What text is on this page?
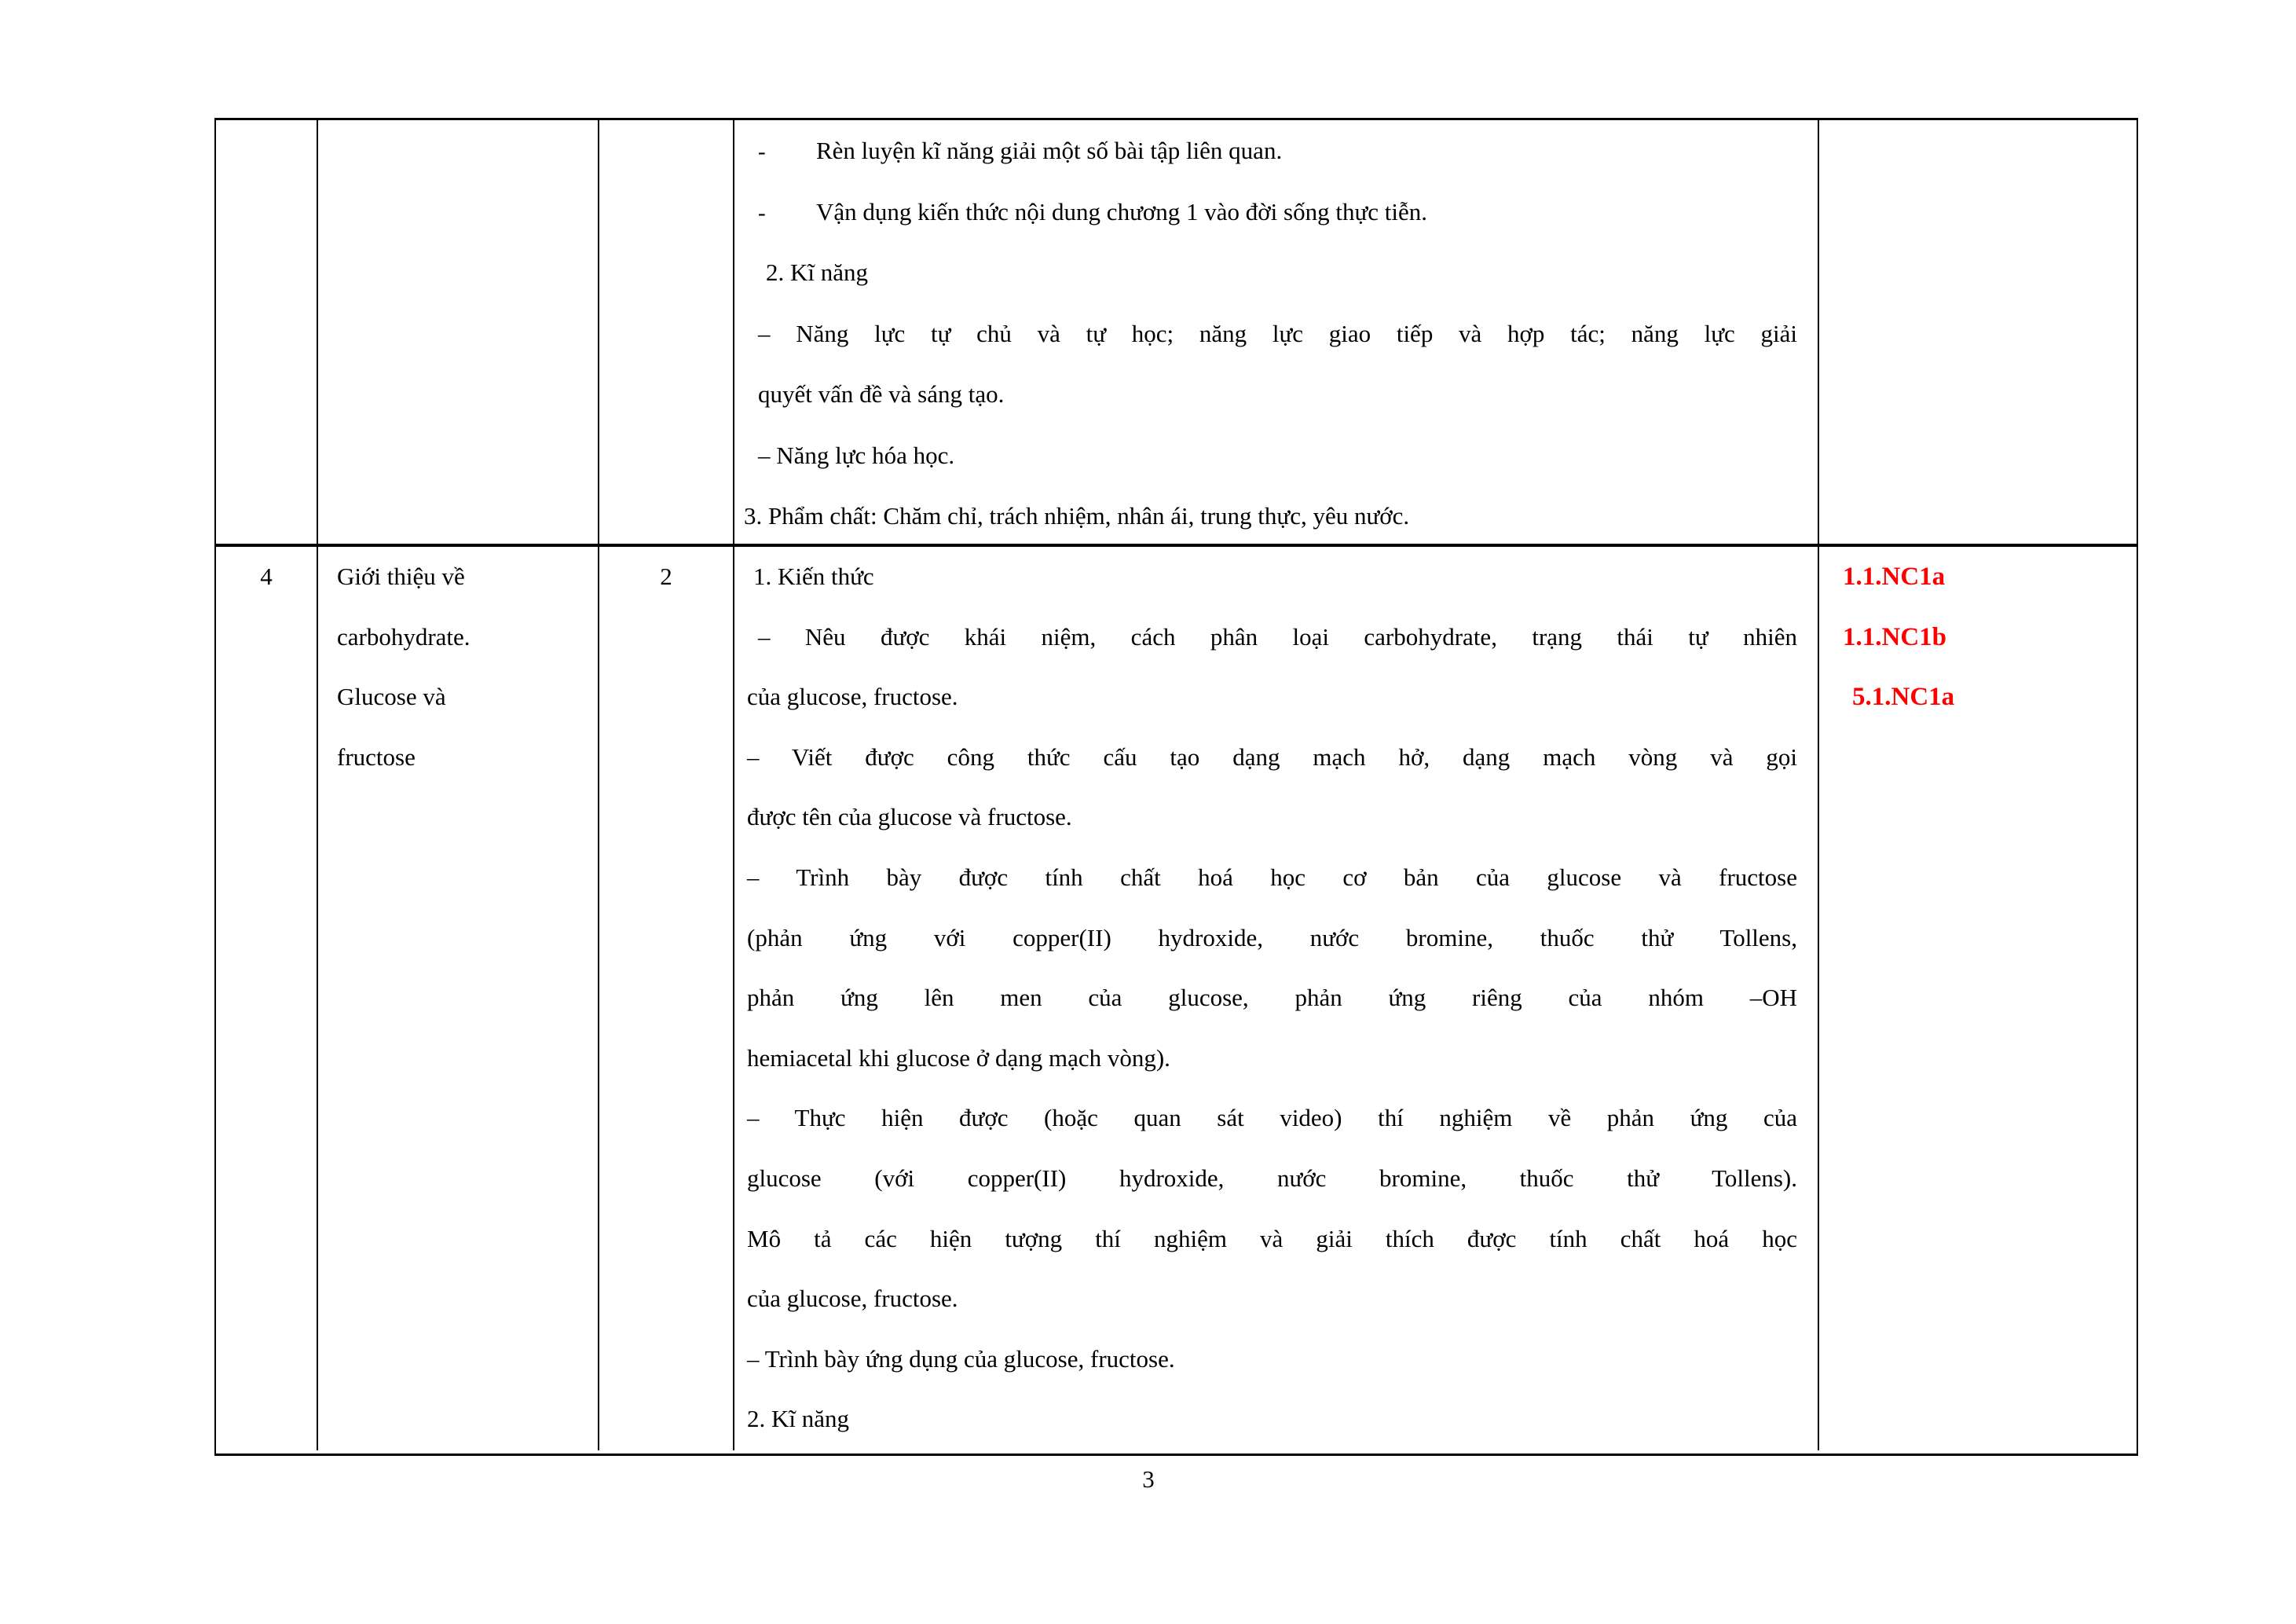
- Rèn luyện kĩ năng giải một số bài tập liên quan.
- Vận dụng kiến thức nội dung chương 1 vào đời sống thực tiễn.
2. Kĩ năng
– Năng lực tự chủ và tự học; năng lực giao tiếp và hợp tác; năng lực giải
quyết vấn đề và sáng tạo.
– Năng lực hóa học.
3. Phẩm chất: Chăm chỉ, trách nhiệm, nhân ái, trung thực, yêu nước.
4	Giới thiệu về
carbohydrate.
Glucose và
fructose
2	1. Kiến thức
– Nêu được khái niệm, cách phân loại carbohydrate, trạng thái tự nhiên
của glucose, fructose.
– Viết được công thức cấu tạo dạng mạch hở, dạng mạch vòng và gọi
được tên của glucose và fructose.
– Trình bày được tính chất hoá học cơ bản của glucose và fructose
(phản ứng với copper(II) hydroxide, nước bromine, thuốc thử Tollens,
phản ứng lên men của glucose, phản ứng riêng của nhóm –OH
hemiacetal khi glucose ở dạng mạch vòng).
– Thực hiện được (hoặc quan sát video) thí nghiệm về phản ứng của
glucose (với copper(II) hydroxide, nước bromine, thuốc thử Tollens).
Mô tả các hiện tượng thí nghiệm và giải thích được tính chất hoá học
của glucose, fructose.
– Trình bày ứng dụng của glucose, fructose.
2. Kĩ năng
1.1.NC1a
1.1.NC1b
5.1.NC1a
3
